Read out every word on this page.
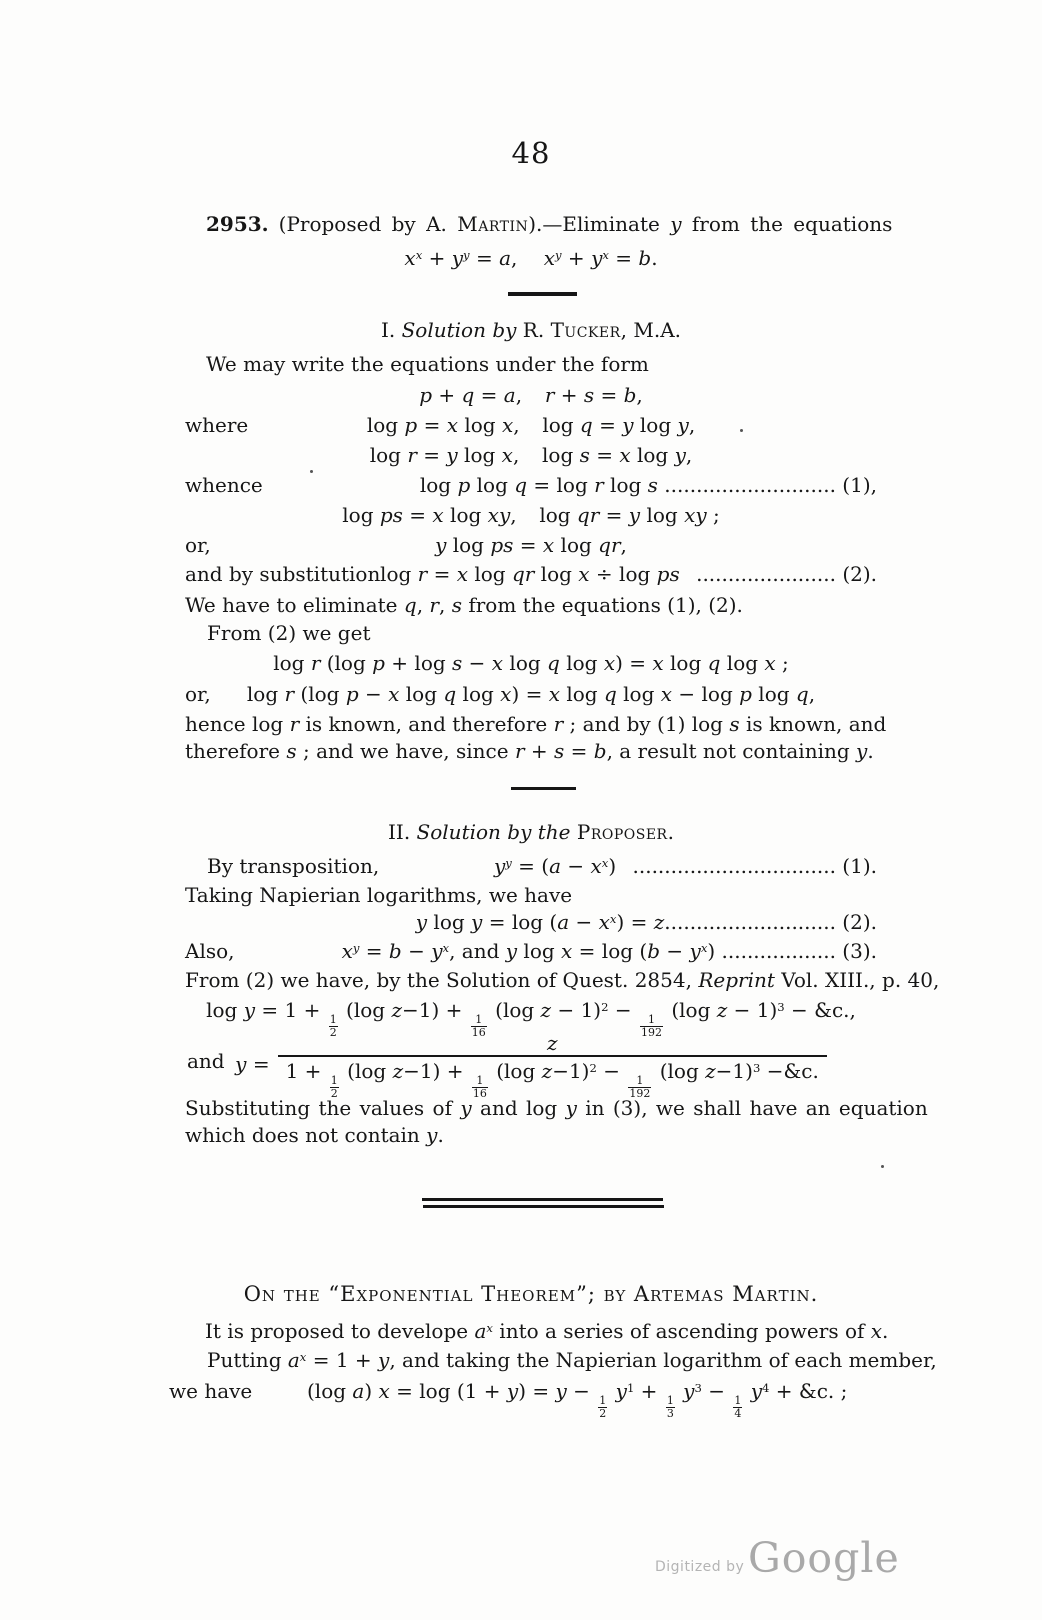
48
2953. (Proposed by A. Martin).—Eliminate y from the equations
$x^x + y^y = a$,  $x^y + y^x = b$.
I. Solution by R. Tucker, M.A.
We may write the equations under the form
p + q = a,   r + s = b,
where	log p = x log x,   log q = y log y,
log r = y log x,   log s = x log y,
whence	log p log q = log r log s ........................... (1),
log ps = x log xy,   log qr = y log xy ;
or,	y log ps = x log qr,
and by substitution log r = x log qr log x ÷ log ps  ...................... (2).
We have to eliminate q, r, s from the equations (1), (2).
From (2) we get
log r (log p + log s − x log q log x) = x log q log x ;
or,	log r (log p − x log q log x) = x log q log x − log p log q,
hence log r is known, and therefore r ; and by (1) log s is known, and
therefore s ; and we have, since r + s = b, a result not containing y.
II. Solution by the Proposer.
By transposition,	$y^y = (a - x^x)$  ................................ (1).
Taking Napierian logarithms, we have
y $\log y = \log (a - x^x) = z$........................... (2).
Also,	$x^y = b - y^x$, and y $\log x = \log (b - y^x)$ .................. (3).
From (2) we have, by the Solution of Quest. 2854, Reprint Vol. XIII., p. 40,
log y = 1 +
$\frac{1}{2}$
(log z−1) +
$\frac{1}{16}$
(log z − 1)$^2$ −
$\frac{1}{192}$
(log z − 1)$^3$ − &c.,
and y = z
1 +
$\frac{1}{2}$
(log z−1) +
$\frac{1}{16}$
(log z−1)$^2$ −
$\frac{1}{192}$
(log z−1)$^3$ −&c.
Substituting the values of y and log y in (3), we shall have an equation
which does not contain y.
On the “Exponential Theorem”; by Artemas Martin.
It is proposed to develope $a^x$ into a series of ascending powers of x.
Putting $a^x = 1 + y$, and taking the Napierian logarithm of each member,
we have	(log a) x = log (1 + y) = y −
$\frac{1}{2}$
$y^1$ +
$\frac{1}{3}$
$y^3$ −
$\frac{1}{4}$
$y^4$ + &c. ;
Digitized by Google
